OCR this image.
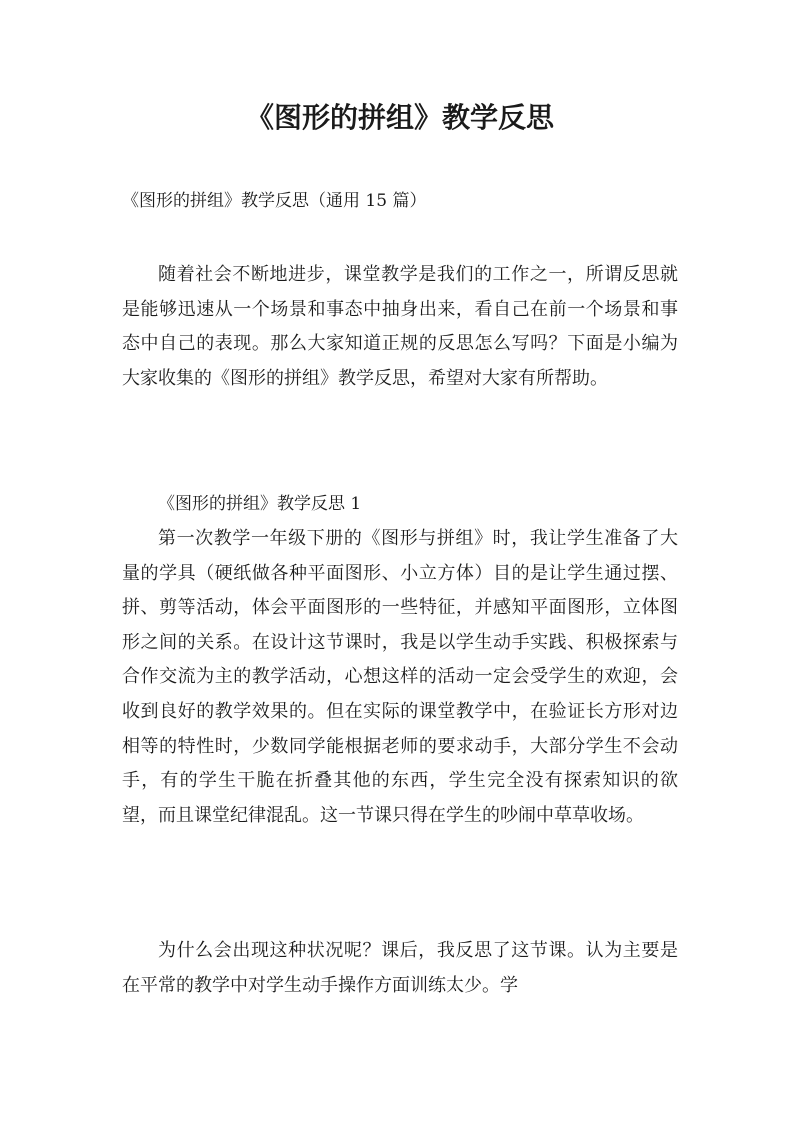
《图形的拼组》教学反思

《图形的拼组》教学反思（通用 15 篇）

随着社会不断地进步，课堂教学是我们的工作之一，所谓反思就是能够迅速从一个场景和事态中抽身出来，看自己在前一个场景和事态中自己的表现。那么大家知道正规的反思怎么写吗？下面是小编为大家收集的《图形的拼组》教学反思，希望对大家有所帮助。

《图形的拼组》教学反思 1

第一次教学一年级下册的《图形与拼组》时，我让学生准备了大量的学具（硬纸做各种平面图形、小立方体）目的是让学生通过摆、拼、剪等活动，体会平面图形的一些特征，并感知平面图形，立体图形之间的关系。在设计这节课时，我是以学生动手实践、积极探索与合作交流为主的教学活动，心想这样的活动一定会受学生的欢迎，会收到良好的教学效果的。但在实际的课堂教学中，在验证长方形对边相等的特性时，少数同学能根据老师的要求动手，大部分学生不会动手，有的学生干脆在折叠其他的东西，学生完全没有探索知识的欲望，而且课堂纪律混乱。这一节课只得在学生的吵闹中草草收场。

为什么会出现这种状况呢？课后，我反思了这节课。认为主要是在平常的教学中对学生动手操作方面训练太少。学
